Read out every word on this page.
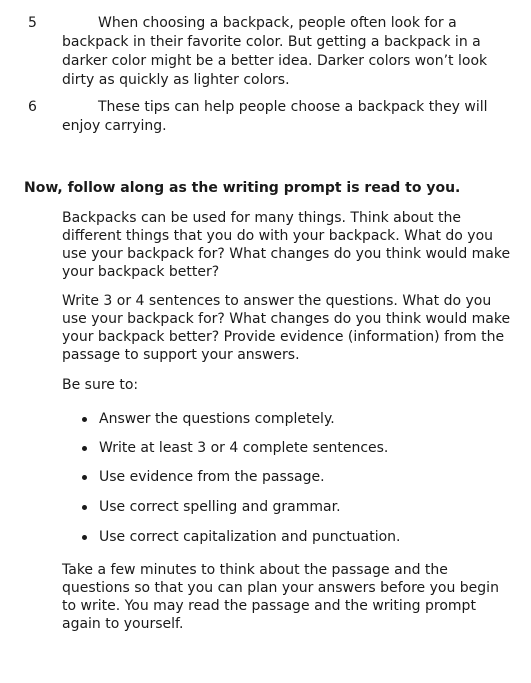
5	When choosing a backpack, people often look for a backpack in their favorite color. But getting a backpack in a darker color might be a better idea. Darker colors won’t look dirty as quickly as lighter colors.
6	These tips can help people choose a backpack they will enjoy carrying.
Now, follow along as the writing prompt is read to you.
Backpacks can be used for many things. Think about the different things that you do with your backpack. What do you use your backpack for? What changes do you think would make your backpack better?
Write 3 or 4 sentences to answer the questions. What do you use your backpack for? What changes do you think would make your backpack better? Provide evidence (information) from the passage to support your answers.
Be sure to:
Answer the questions completely.
Write at least 3 or 4 complete sentences.
Use evidence from the passage.
Use correct spelling and grammar.
Use correct capitalization and punctuation.
Take a few minutes to think about the passage and the questions so that you can plan your answers before you begin to write. You may read the passage and the writing prompt again to yourself.
